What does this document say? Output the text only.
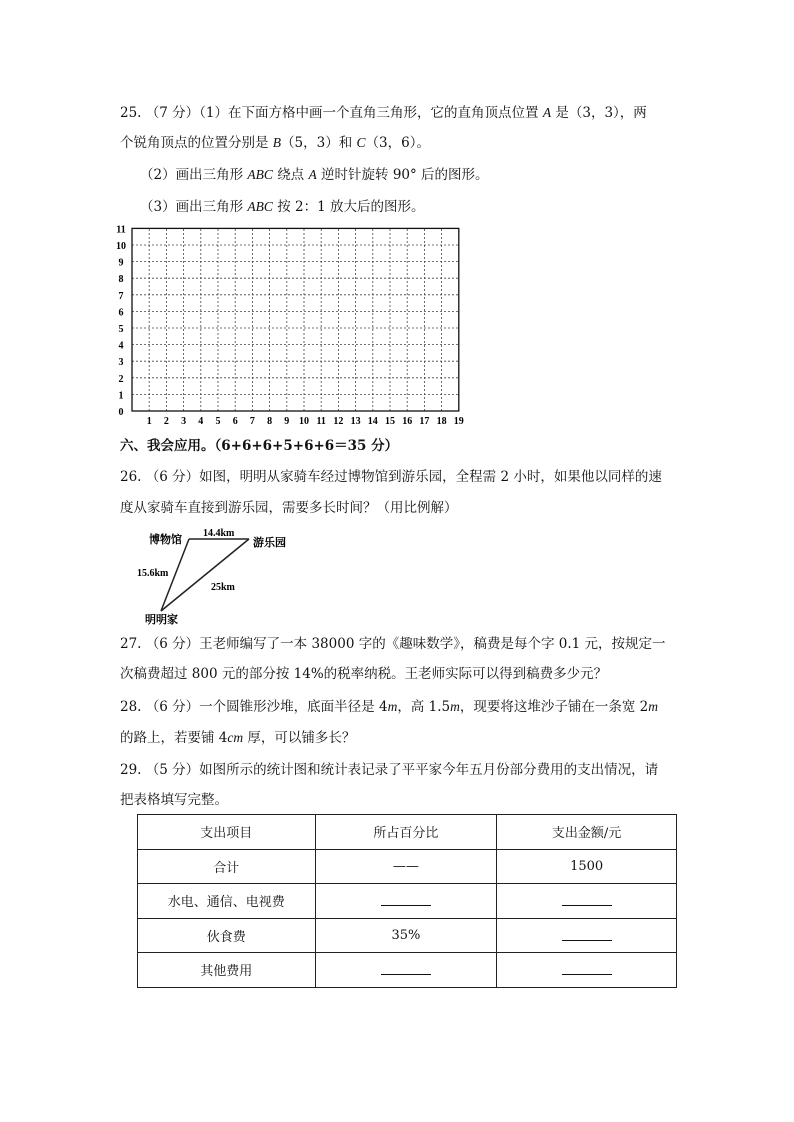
25. （7 分）（1）在下面方格中画一个直角三角形，它的直角顶点位置 A 是（3，3），两
个锐角顶点的位置分别是 B（5，3）和 C（3，6）。
（2）画出三角形 ABC 绕点 A 逆时针旋转 90° 后的图形。
（3）画出三角形 ABC 按 2：1 放大后的图形。
1 2 3 4 5 6 7 8 9 10 11 12 13 14 15 16 17 18 19
0
1
2
3
4
5
6
7
8
9
10
11
六、我会应用。（6+6+6+5+6+6＝35 分）
26. （6 分）如图，明明从家骑车经过博物馆到游乐园，全程需 2 小时，如果他以同样的速
度从家骑车直接到游乐园，需要多长时间？（用比例解）
博物馆	游乐园
明明家
14.4km
15.6km
25km
27. （6 分）王老师编写了一本 38000 字的《趣味数学》，稿费是每个字 0.1 元，按规定一
次稿费超过 800 元的部分按 14%的税率纳税。王老师实际可以得到稿费多少元？
28. （6 分）一个圆锥形沙堆，底面半径是 4m，高 1.5m，现要将这堆沙子铺在一条宽 2m
的路上，若要铺 4cm 厚，可以铺多长？
29. （5 分）如图所示的统计图和统计表记录了平平家今年五月份部分费用的支出情况，请
把表格填写完整。
支出项目	所占百分比	支出金额/元
合计	——	1500
水电、通信、电视费		
伙食费	35%	
其他费用		
